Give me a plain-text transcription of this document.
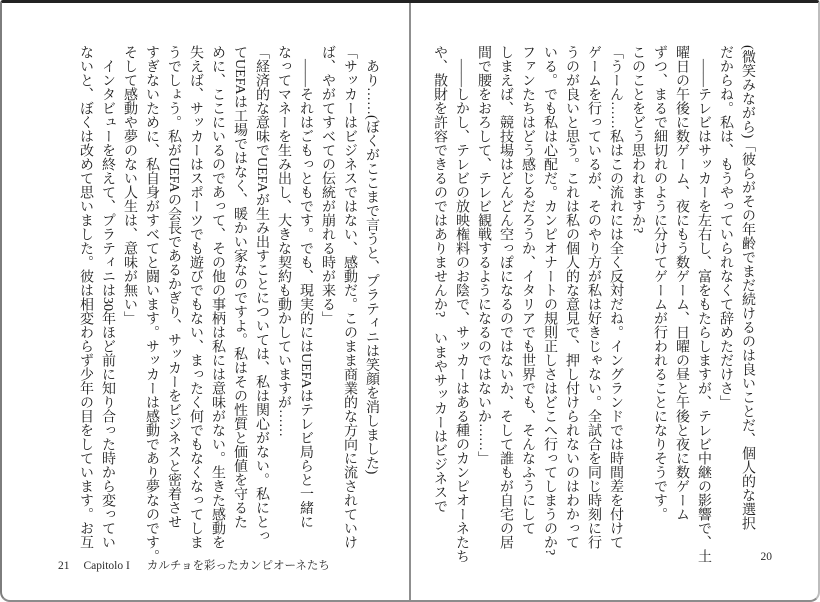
あり……(ぼくがここまで言うと、プラティニは笑顔を消しました)

「サッカーはビジネスではない、感動だ。このまま商業的な方向に流されていけ

ば、やがてすべての伝統が崩れる時が来る」

――それはごもっともです。でも、現実的にはUEFAはテレビ局らと一緒に

なってマネーを生み出し、大きな契約も動かしていますが……

「経済的な意味でUEFAが生み出すことについては、私は関心がない。私にとっ

てUEFAは工場ではなく、暖かい家なのですよ。私はその性質と価値を守るた

めに、ここにいるのであって、その他の事柄は私には意味がない。生きた感動を

失えば、サッカーはスポーツでも遊びでもない、まったく何でもなくなってしま

うでしょう。私がUEFAの会長であるかぎり、サッカーをビジネスと密着させ

すぎないために、私自身がすべてと闘います。サッカーは感動であり夢なのです。

そして感動や夢のない人生は、意味が無い」

インタビューを終えて、プラティニは30年ほど前に知り合った時から変ってい

ないと、ぼくは改めて思いました。彼は相変わらず少年の目をしています。お互

21 Capitolo I カルチョを彩ったカンピオーネたち

(微笑みながら)「彼らがその年齢でまだ続けるのは良いことだ、個人的な選択

だからね。私は、もうやっていられなくて辞めただけさ」

――テレビはサッカーを左右し、富をもたらしますが、テレビ中継の影響で、土

曜日の午後に数ゲーム、夜にもう数ゲーム、日曜の昼と午後と夜に数ゲーム

ずつ、まるで細切れのように分けてゲームが行われることになりそうです。

このことをどう思われますか?

「うーん……私はこの流れには全く反対だね。イングランドでは時間差を付けて

ゲームを行っているが、そのやり方が私は好きじゃない。全試合を同じ時刻に行

うのが良いと思う。これは私の個人的な意見で、押し付けられないのはわかって

いる。でも私は心配だ。カンピオナートの規則正しさはどこへ行ってしまうのか?

ファンたちはどう感じるだろうか、イタリアでも世界でも、そんなふうにして

しまえば、競技場はどんどん空っぽになるのではないか、そして誰もが自宅の居

間で腰をおろして、テレビ観戦するようになるのではないか……」

――しかし、テレビの放映権料のお陰で、サッカーはある種のカンピオーネたち

や、散財を許容できるのではありませんか?　いまやサッカーはビジネスで

20
